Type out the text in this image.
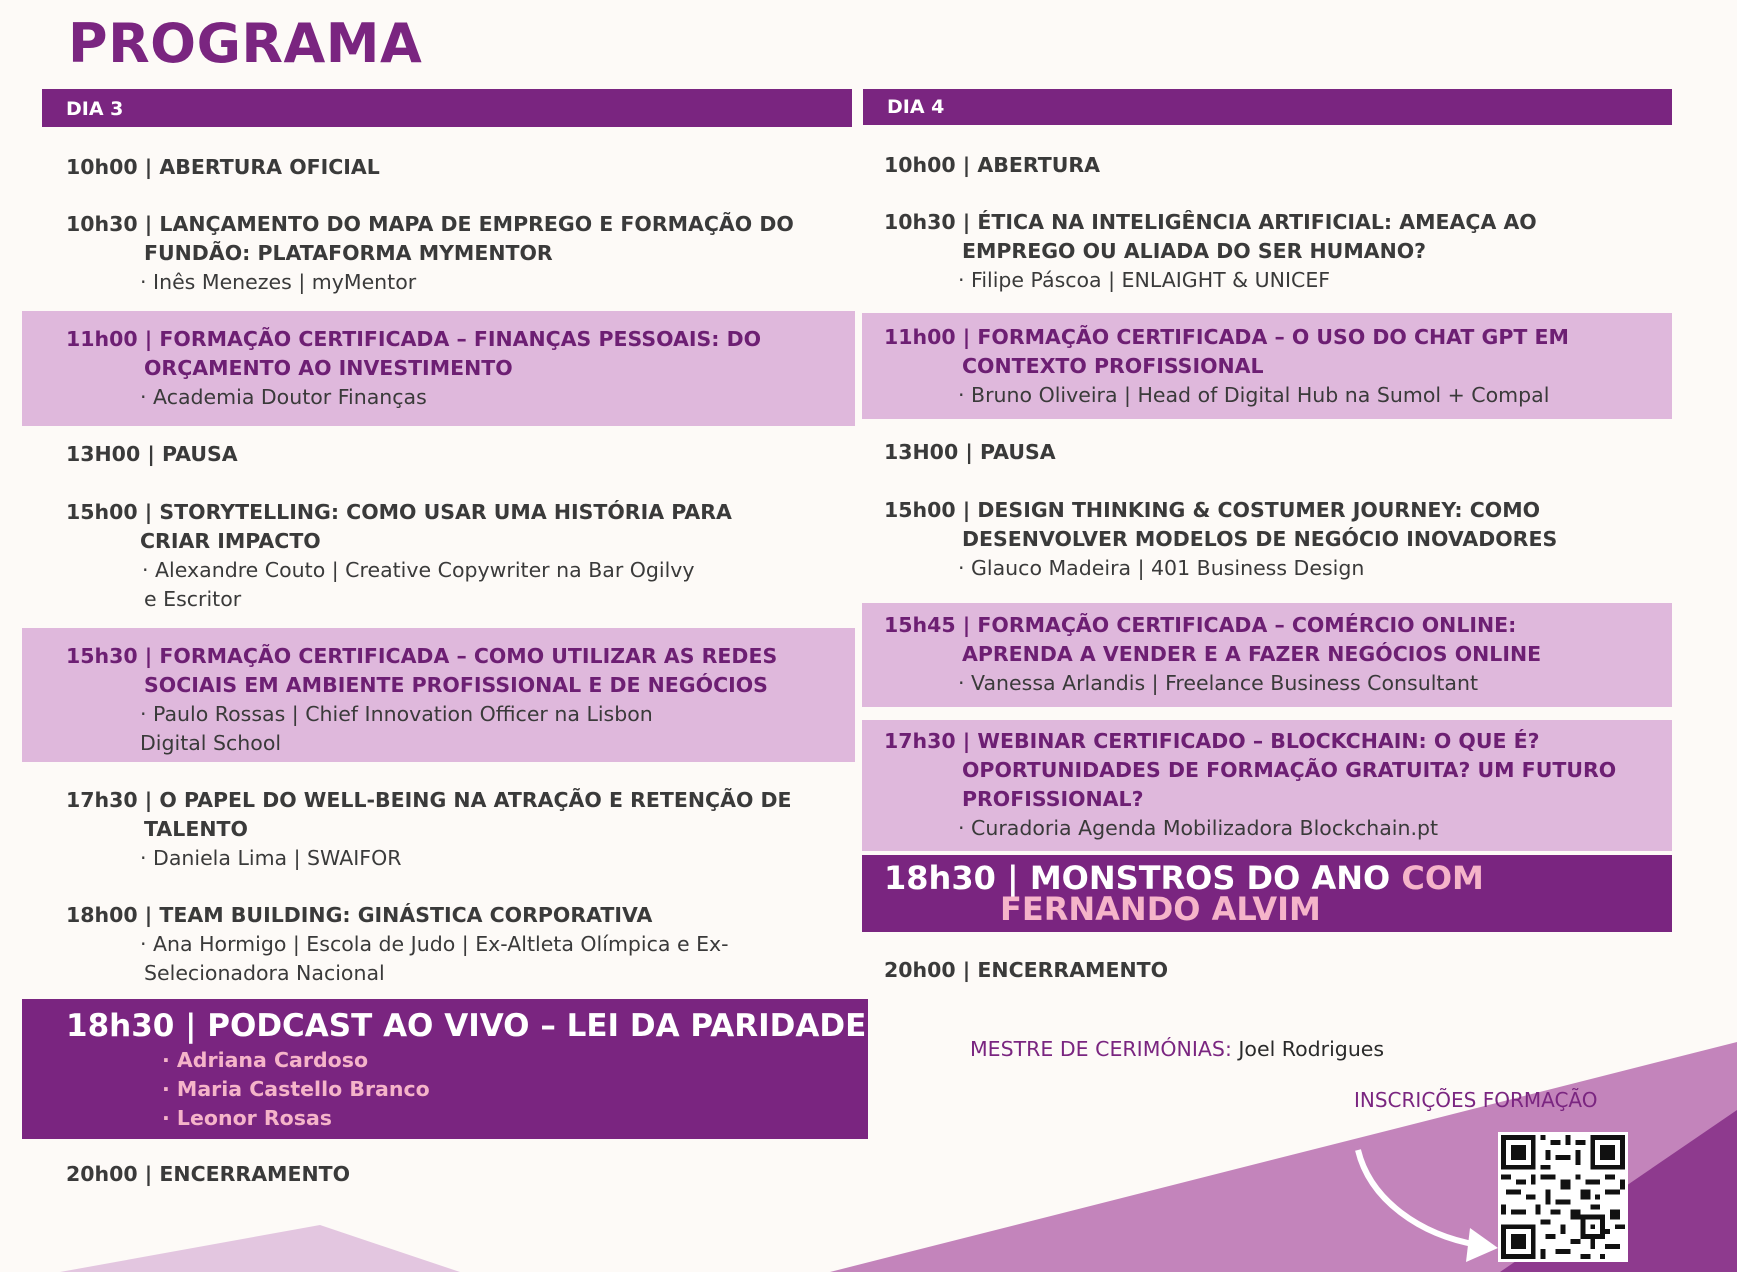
PROGRAMA
DIA 3
10h00 | ABERTURA OFICIAL
10h30 | LANÇAMENTO DO MAPA DE EMPREGO E FORMAÇÃO DO
FUNDÃO: PLATAFORMA MYMENTOR
· Inês Menezes | myMentor
11h00 | FORMAÇÃO CERTIFICADA – FINANÇAS PESSOAIS: DO
ORÇAMENTO AO INVESTIMENTO
· Academia Doutor Finanças
13H00 | PAUSA
15h00 | STORYTELLING: COMO USAR UMA HISTÓRIA PARA
CRIAR IMPACTO
· Alexandre Couto | Creative Copywriter na Bar Ogilvy
e Escritor
15h30 | FORMAÇÃO CERTIFICADA – COMO UTILIZAR AS REDES
SOCIAIS EM AMBIENTE PROFISSIONAL E DE NEGÓCIOS
· Paulo Rossas | Chief Innovation Officer na Lisbon
Digital School
17h30 | O PAPEL DO WELL-BEING NA ATRAÇÃO E RETENÇÃO DE
TALENTO
· Daniela Lima | SWAIFOR
18h00 | TEAM BUILDING: GINÁSTICA CORPORATIVA
· Ana Hormigo | Escola de Judo | Ex-Altleta Olímpica e Ex-
Selecionadora Nacional
18h30 | PODCAST AO VIVO – LEI DA PARIDADE
· Adriana Cardoso
· Maria Castello Branco
· Leonor Rosas
20h00 | ENCERRAMENTO
DIA 4
10h00 | ABERTURA
10h30 | ÉTICA NA INTELIGÊNCIA ARTIFICIAL: AMEAÇA AO
EMPREGO OU ALIADA DO SER HUMANO?
· Filipe Páscoa | ENLAIGHT & UNICEF
11h00 | FORMAÇÃO CERTIFICADA – O USO DO CHAT GPT EM
CONTEXTO PROFISSIONAL
· Bruno Oliveira | Head of Digital Hub na Sumol + Compal
13H00 | PAUSA
15h00 | DESIGN THINKING & COSTUMER JOURNEY: COMO
DESENVOLVER MODELOS DE NEGÓCIO INOVADORES
· Glauco Madeira | 401 Business Design
15h45 | FORMAÇÃO CERTIFICADA – COMÉRCIO ONLINE:
APRENDA A VENDER E A FAZER NEGÓCIOS ONLINE
· Vanessa Arlandis | Freelance Business Consultant
17h30 | WEBINAR CERTIFICADO – BLOCKCHAIN: O QUE É?
OPORTUNIDADES DE FORMAÇÃO GRATUITA? UM FUTURO
PROFISSIONAL?
· Curadoria Agenda Mobilizadora Blockchain.pt
18h30 | MONSTROS DO ANO COM
FERNANDO ALVIM
20h00 | ENCERRAMENTO
MESTRE DE CERIMÓNIAS: Joel Rodrigues
INSCRIÇÕES FORMAÇÃO
